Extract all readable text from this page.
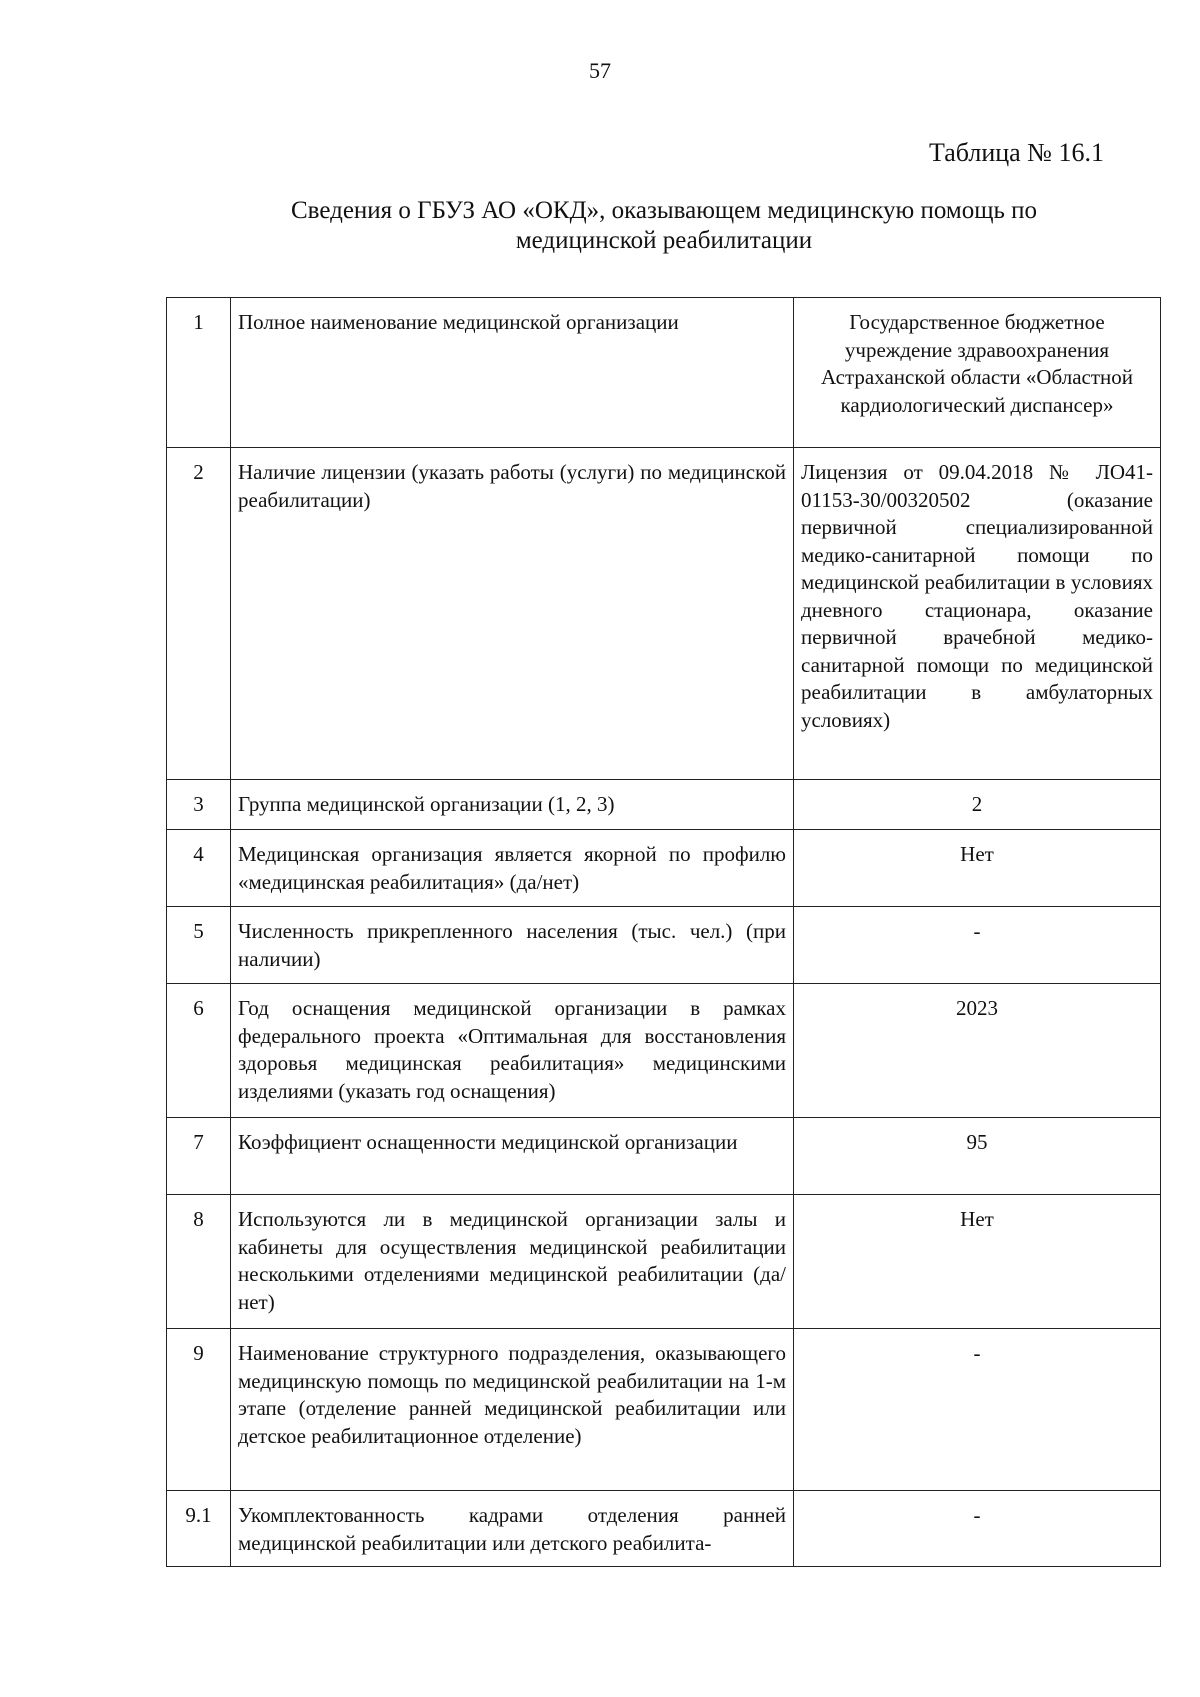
57
Таблица № 16.1
Сведения о ГБУЗ АО «ОКД», оказывающем медицинскую помощь по
медицинской реабилитации
1	Полное наименование медицинской организации	Государственное бюджетное учреждение здравоохранения Астраханской области «Областной кардиологический диспансер»
2	Наличие лицензии (указать работы (услуги) по медицинской реабилитации)	Лицензия от 09.04.2018 № ЛО41-01153-30/00320502 (оказание первичной специализированной медико-санитарной помощи по медицинской реабилитации в условиях дневного стационара, оказание первичной врачебной медико-санитарной помощи по медицинской реабилитации в амбулаторных условиях)
3	Группа медицинской организации (1, 2, 3)	2
4	Медицинская организация является якорной по профилю «медицинская реабилитация» (да/нет)	Нет
5	Численность прикрепленного населения (тыс. чел.) (при наличии)	-
6	Год оснащения медицинской организации в рамках федерального проекта «Оптимальная для восстановления здоровья медицинская реабилитация» медицинскими изделиями (указать год оснащения)	2023
7	Коэффициент оснащенности медицинской организации	95
8	Используются ли в медицинской организации залы и кабинеты для осуществления медицинской реабилитации несколькими отделениями медицинской реабилитации (да/нет)	Нет
9	Наименование структурного подразделения, оказывающего медицинскую помощь по медицинской реабилитации на 1-м этапе (отделение ранней медицинской реабилитации или детское реабилитационное отделение)	-
9.1	Укомплектованность кадрами отделения ранней медицинской реабилитации или детского реабилита-	-
